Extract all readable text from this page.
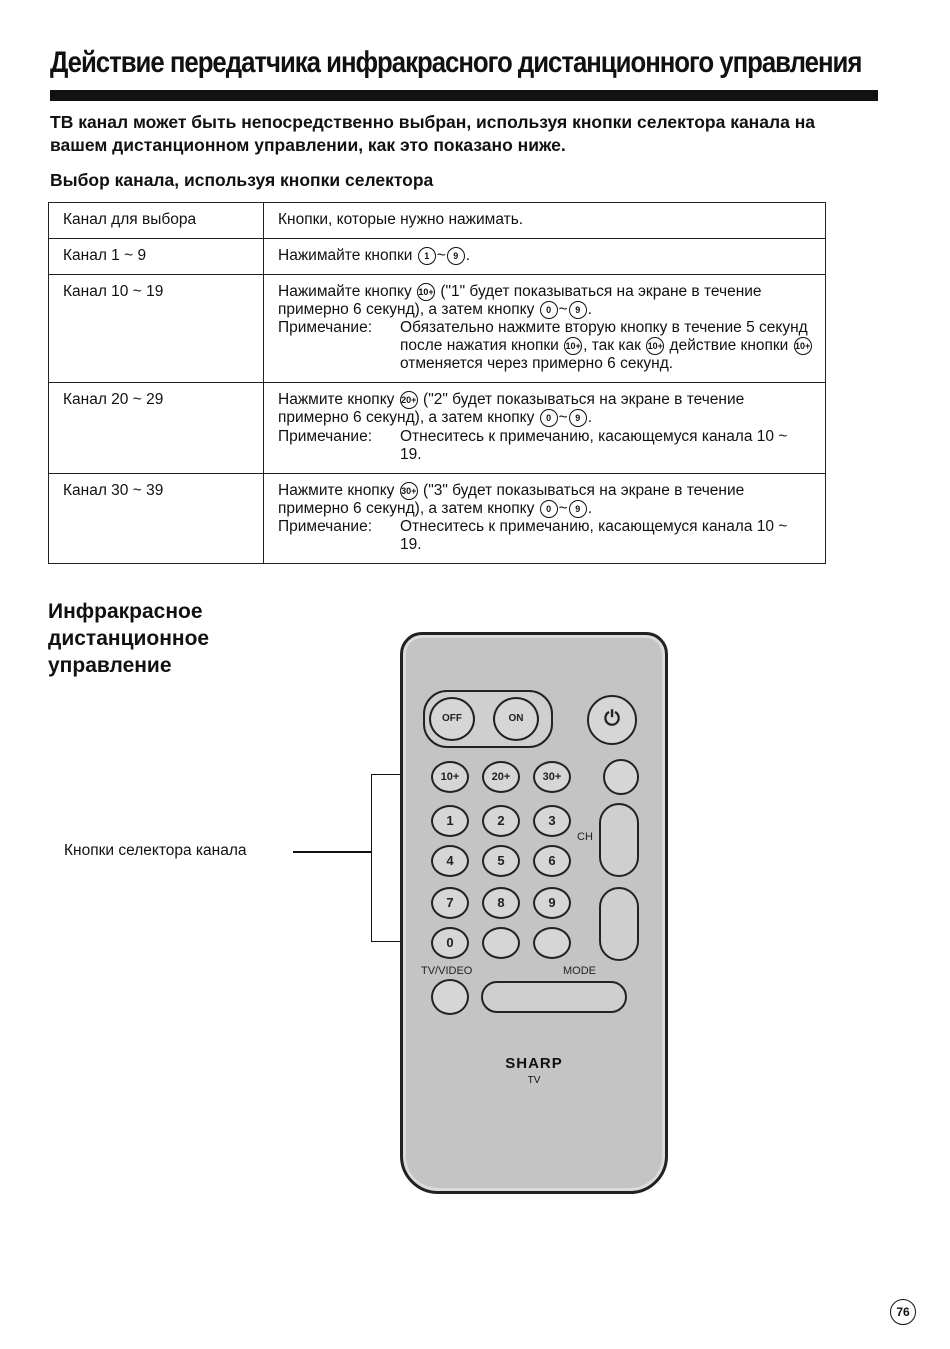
Действие передатчика инфракрасного дистанционного управления
ТВ канал может быть непосредственно выбран, используя кнопки селектора канала на вашем дистанционном управлении, как это показано ниже.
Выбор канала, используя кнопки селектора
Канал для выбора	Кнопки, которые нужно нажимать.
Канал 1 ~ 9	Нажимайте кнопки 1 ~ 9 .
Канал 10 ~ 19	Нажимайте кнопку 10+ ("1" будет показываться на экране в течение примерно 6 секунд), а затем кнопку 0 ~ 9 .
Примечание: Обязательно нажмите вторую кнопку в течение 5 секунд после нажатия кнопки 10+ , так как 10+ действие кнопки 10+ отменяется через примерно 6 секунд.

Канал 20 ~ 29	Нажмите кнопку 20+ ("2" будет показываться на экране в течение примерно 6 секунд), а затем кнопку 0 ~ 9 .
Примечание: Отнеситесь к примечанию, касающемуся канала 10 ~ 19.

Канал 30 ~ 39	Нажмите кнопку 30+ ("3" будет показываться на экране в течение примерно 6 секунд), а затем кнопку 0 ~ 9 .
Примечание: Отнеситесь к примечанию, касающемуся канала 10 ~ 19.
Инфракрасное
дистанционное
управление
Кнопки селектора канала
OFF	ON	⏻
10+	20+	30+
1	2	3
4	5	6
7	8	9
0
CH
TV/VIDEO	MODE
SHARP
TV
76
